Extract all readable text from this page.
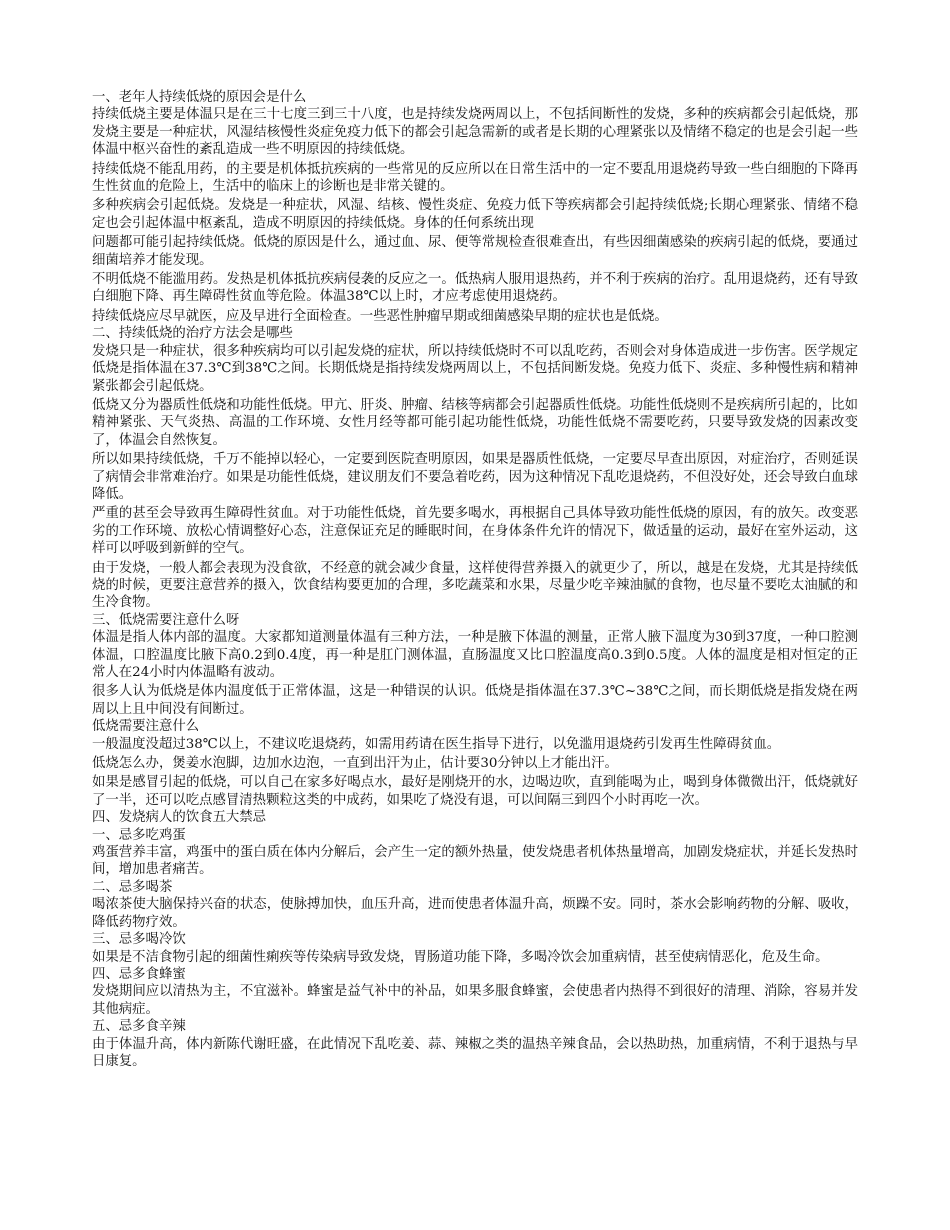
一、老年人持续低烧的原因会是什么

持续低烧主要是体温只是在三十七度三到三十八度，也是持续发烧两周以上，不包括间断性的发烧，多种的疾病都会引起低烧，那发烧主要是一种症状，风湿结核慢性炎症免疫力低下的都会引起急需新的或者是长期的心理紧张以及情绪不稳定的也是会引起一些体温中枢兴奋性的紊乱造成一些不明原因的持续低烧。

持续低烧不能乱用药，的主要是机体抵抗疾病的一些常见的反应所以在日常生活中的一定不要乱用退烧药导致一些白细胞的下降再生性贫血的危险上，生活中的临床上的诊断也是非常关键的。

多种疾病会引起低烧。发烧是一种症状，风湿、结核、慢性炎症、免疫力低下等疾病都会引起持续低烧;长期心理紧张、情绪不稳定也会引起体温中枢紊乱，造成不明原因的持续低烧。身体的任何系统出现

问题都可能引起持续低烧。低烧的原因是什么，通过血、尿、便等常规检查很难查出，有些因细菌感染的疾病引起的低烧，要通过细菌培养才能发现。

不明低烧不能滥用药。发热是机体抵抗疾病侵袭的反应之一。低热病人服用退热药，并不利于疾病的治疗。乱用退烧药，还有导致白细胞下降、再生障碍性贫血等危险。体温38℃以上时，才应考虑使用退烧药。

持续低烧应尽早就医，应及早进行全面检查。一些恶性肿瘤早期或细菌感染早期的症状也是低烧。

二、持续低烧的治疗方法会是哪些

发烧只是一种症状，很多种疾病均可以引起发烧的症状，所以持续低烧时不可以乱吃药，否则会对身体造成进一步伤害。医学规定低烧是指体温在37.3℃到38℃之间。长期低烧是指持续发烧两周以上，不包括间断发烧。免疫力低下、炎症、多种慢性病和精神紧张都会引起低烧。

低烧又分为器质性低烧和功能性低烧。甲亢、肝炎、肿瘤、结核等病都会引起器质性低烧。功能性低烧则不是疾病所引起的，比如精神紧张、天气炎热、高温的工作环境、女性月经等都可能引起功能性低烧，功能性低烧不需要吃药，只要导致发烧的因素改变了，体温会自然恢复。

所以如果持续低烧，千万不能掉以轻心，一定要到医院查明原因，如果是器质性低烧，一定要尽早查出原因，对症治疗，否则延误了病情会非常难治疗。如果是功能性低烧，建议朋友们不要急着吃药，因为这种情况下乱吃退烧药，不但没好处，还会导致白血球降低。

严重的甚至会导致再生障碍性贫血。对于功能性低烧，首先要多喝水，再根据自己具体导致功能性低烧的原因，有的放矢。改变恶劣的工作环境、放松心情调整好心态，注意保证充足的睡眠时间，在身体条件允许的情况下，做适量的运动，最好在室外运动，这样可以呼吸到新鲜的空气。

由于发烧，一般人都会表现为没食欲，不经意的就会减少食量，这样使得营养摄入的就更少了，所以，越是在发烧，尤其是持续低烧的时候，更要注意营养的摄入，饮食结构要更加的合理，多吃蔬菜和水果，尽量少吃辛辣油腻的食物，也尽量不要吃太油腻的和生冷食物。

三、低烧需要注意什么呀

体温是指人体内部的温度。大家都知道测量体温有三种方法，一种是腋下体温的测量，正常人腋下温度为30到37度，一种口腔测体温，口腔温度比腋下高0.2到0.4度，再一种是肛门测体温，直肠温度又比口腔温度高0.3到0.5度。人体的温度是相对恒定的正常人在24小时内体温略有波动。

很多人认为低烧是体内温度低于正常体温，这是一种错误的认识。低烧是指体温在37.3℃~38℃之间，而长期低烧是指发烧在两周以上且中间没有间断过。

低烧需要注意什么

一般温度没超过38℃以上，不建议吃退烧药，如需用药请在医生指导下进行，以免滥用退烧药引发再生性障碍贫血。

低烧怎么办，煲姜水泡脚，边加水边泡，一直到出汗为止，估计要30分钟以上才能出汗。

如果是感冒引起的低烧，可以自己在家多好喝点水，最好是刚烧开的水，边喝边吹，直到能喝为止，喝到身体微微出汗，低烧就好了一半，还可以吃点感冒清热颗粒这类的中成药，如果吃了烧没有退，可以间隔三到四个小时再吃一次。

四、发烧病人的饮食五大禁忌
一、忌多吃鸡蛋

鸡蛋营养丰富，鸡蛋中的蛋白质在体内分解后，会产生一定的额外热量，使发烧患者机体热量增高，加剧发烧症状，并延长发热时间，增加患者痛苦。

二、忌多喝茶

喝浓茶使大脑保持兴奋的状态，使脉搏加快，血压升高，进而使患者体温升高，烦躁不安。同时，茶水会影响药物的分解、吸收，降低药物疗效。

三、忌多喝冷饮

如果是不洁食物引起的细菌性痢疾等传染病导致发烧，胃肠道功能下降，多喝冷饮会加重病情，甚至使病情恶化，危及生命。

四、忌多食蜂蜜

发烧期间应以清热为主，不宜滋补。蜂蜜是益气补中的补品，如果多服食蜂蜜，会使患者内热得不到很好的清理、消除，容易并发其他病症。

五、忌多食辛辣

由于体温升高，体内新陈代谢旺盛，在此情况下乱吃姜、蒜、辣椒之类的温热辛辣食品，会以热助热，加重病情，不利于退热与早日康复。
